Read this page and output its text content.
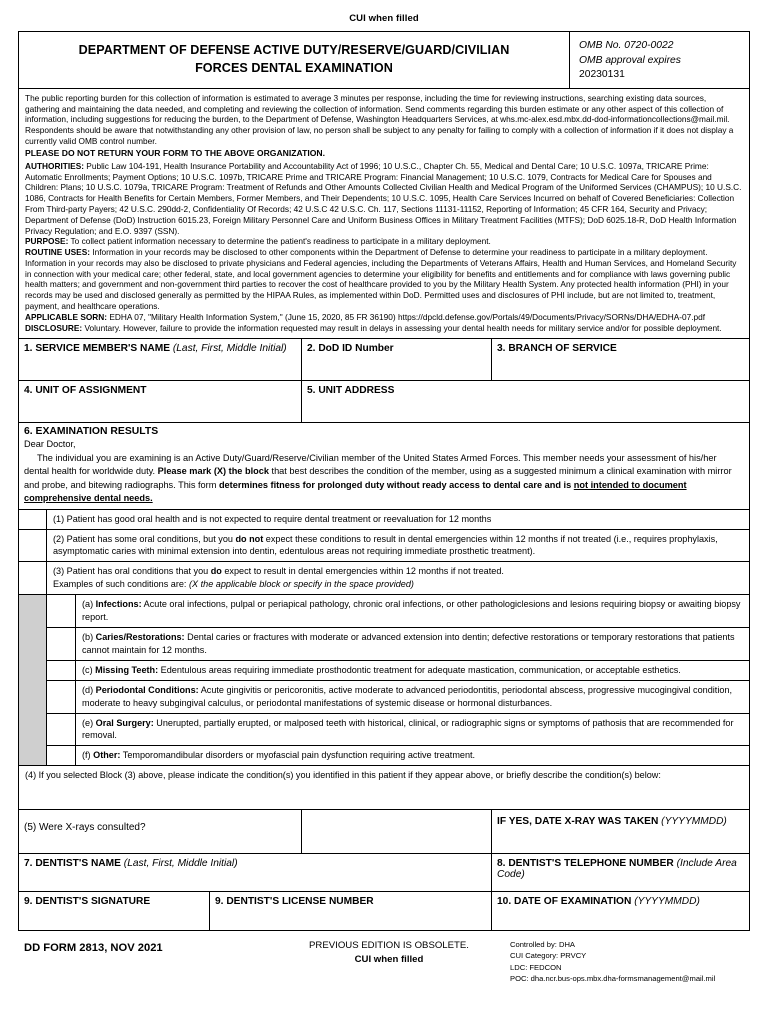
CUI when filled
DEPARTMENT OF DEFENSE ACTIVE DUTY/RESERVE/GUARD/CIVILIAN
FORCES DENTAL EXAMINATION
OMB No. 0720-0022
OMB approval expires
20230131

The public reporting burden for this collection of information is estimated to average 3 minutes per response, including the time for reviewing instructions, searching existing data sources, gathering and maintaining the data needed, and completing and reviewing the collection of information. Send comments regarding this burden estimate or any other aspect of this collection of information, including suggestions for reducing the burden, to the Department of Defense, Washington Headquarters Services, at whs.mc-alex.esd.mbx.dd-dod-informationcollections@mail.mil. Respondents should be aware that notwithstanding any other provision of law, no person shall be subject to any penalty for failing to comply with a collection of information if it does not display a currently valid OMB control number.

PLEASE DO NOT RETURN YOUR FORM TO THE ABOVE ORGANIZATION.

AUTHORITIES: Public Law 104-191, Health Insurance Portability and Accountability Act of 1996; 10 U.S.C., Chapter Ch. 55, Medical and Dental Care; 10 U.S.C. 1097a, TRICARE Prime: Automatic Enrollments; Payment Options; 10 U.S.C. 1097b, TRICARE Prime and TRICARE Program: Financial Management; 10 U.S.C. 1079, Contracts for Medical Care for Spouses and Children: Plans; 10 U.S.C. 1079a, TRICARE Program: Treatment of Refunds and Other Amounts Collected Civilian Health and Medical Program of the Uniformed Services (CHAMPUS); 10 U.S.C. 1086, Contracts for Health Benefits for Certain Members, Former Members, and Their Dependents; 10 U.S.C. 1095, Health Care Services Incurred on behalf of Covered Beneficiaries: Collection From Third-party Payers; 42 U.S.C. 290dd-2, Confidentiality Of Records; 42 U.S.C 42 U.S.C. Ch. 117, Sections 11131-11152, Reporting of Information; 45 CFR 164, Security and Privacy; Department of Defense (DoD) Instruction 6015.23, Foreign Military Personnel Care and Uniform Business Offices in Military Treatment Facilities (MTFS); DoD 6025.18-R, DoD Health Information Privacy Regulation; and E.O. 9397 (SSN).

PURPOSE: To collect patient information necessary to determine the patient's readiness to participate in a military deployment.

ROUTINE USES: Information in your records may be disclosed to other components within the Department of Defense to determine your readiness to participate in a military deployment. Information in your records may also be disclosed to private physicians and Federal agencies, including the Departments of Veterans Affairs, Health and Human Services, and Homeland Security in connection with your medical care; other federal, state, and local government agencies to determine your eligibility for benefits and entitlements and for compliance with laws governing public health matters; and government and non-government third parties to recover the cost of healthcare provided to you by the Military Health System. Any protected health information (PHI) in your records may be used and disclosed generally as permitted by the HIPAA Rules, as implemented within DoD. Permitted uses and disclosures of PHI include, but are not limited to, treatment, payment, and healthcare operations.

APPLICABLE SORN: EDHA 07, "Military Health Information System," (June 15, 2020, 85 FR 36190) https://dpcld.defense.gov/Portals/49/Documents/Privacy/SORNs/DHA/EDHA-07.pdf

DISCLOSURE: Voluntary. However, failure to provide the information requested may result in delays in assessing your dental health needs for military service and/or for possible deployment.

1. SERVICE MEMBER'S NAME (Last, First, Middle Initial)	2. DoD ID Number	3. BRANCH OF SERVICE
4. UNIT OF ASSIGNMENT	5. UNIT ADDRESS
6. EXAMINATION RESULTS
Dear Doctor,
The individual you are examining is an Active Duty/Guard/Reserve/Civilian member of the United States Armed Forces. This member needs your assessment of his/her dental health for worldwide duty. Please mark (X) the block that best describes the condition of the member, using as a suggested minimum a clinical examination with mirror and probe, and bitewing radiographs. This form determines fitness for prolonged duty without ready access to dental care and is not intended to document comprehensive dental needs.
(1) Patient has good oral health and is not expected to require dental treatment or reevaluation for 12 months
(2) Patient has some oral conditions, but you do not expect these conditions to result in dental emergencies within 12 months if not treated (i.e., requires prophylaxis, asymptomatic caries with minimal extension into dentin, edentulous areas not requiring immediate prosthetic treatment).
(3) Patient has oral conditions that you do expect to result in dental emergencies within 12 months if not treated.
Examples of such conditions are: (X the applicable block or specify in the space provided)
(a) Infections: Acute oral infections, pulpal or periapical pathology, chronic oral infections, or other pathologiclesions and lesions requiring biopsy or awaiting biopsy report.
(b) Caries/Restorations: Dental caries or fractures with moderate or advanced extension into dentin; defective restorations or temporary restorations that patients cannot maintain for 12 months.
(c) Missing Teeth: Edentulous areas requiring immediate prosthodontic treatment for adequate mastication, communication, or acceptable esthetics.
(d) Periodontal Conditions: Acute gingivitis or pericoronitis, active moderate to advanced periodontitis, periodontal abscess, progressive mucogingival condition, moderate to heavy subgingival calculus, or periodontal manifestations of systemic disease or hormonal disturbances.
(e) Oral Surgery: Unerupted, partially erupted, or malposed teeth with historical, clinical, or radiographic signs or symptoms of pathosis that are recommended for removal.
(f) Other: Temporomandibular disorders or myofascial pain dysfunction requiring active treatment.
(4) If you selected Block (3) above, please indicate the condition(s) you identified in this patient if they appear above, or briefly describe the condition(s) below:
(5) Were X-rays consulted?
IF YES, DATE X-RAY WAS TAKEN (YYYYMMDD)
7. DENTIST'S NAME (Last, First, Middle Initial)	8. DENTIST'S TELEPHONE NUMBER (Include Area Code)
9. DENTIST'S SIGNATURE	9. DENTIST'S LICENSE NUMBER	10. DATE OF EXAMINATION (YYYYMMDD)
DD FORM 2813, NOV 2021	PREVIOUS EDITION IS OBSOLETE.
CUI when filled
Controlled by: DHA
CUI Category: PRVCY
LDC: FEDCON
POC: dha.ncr.bus-ops.mbx.dha-formsmanagement@mail.mil
